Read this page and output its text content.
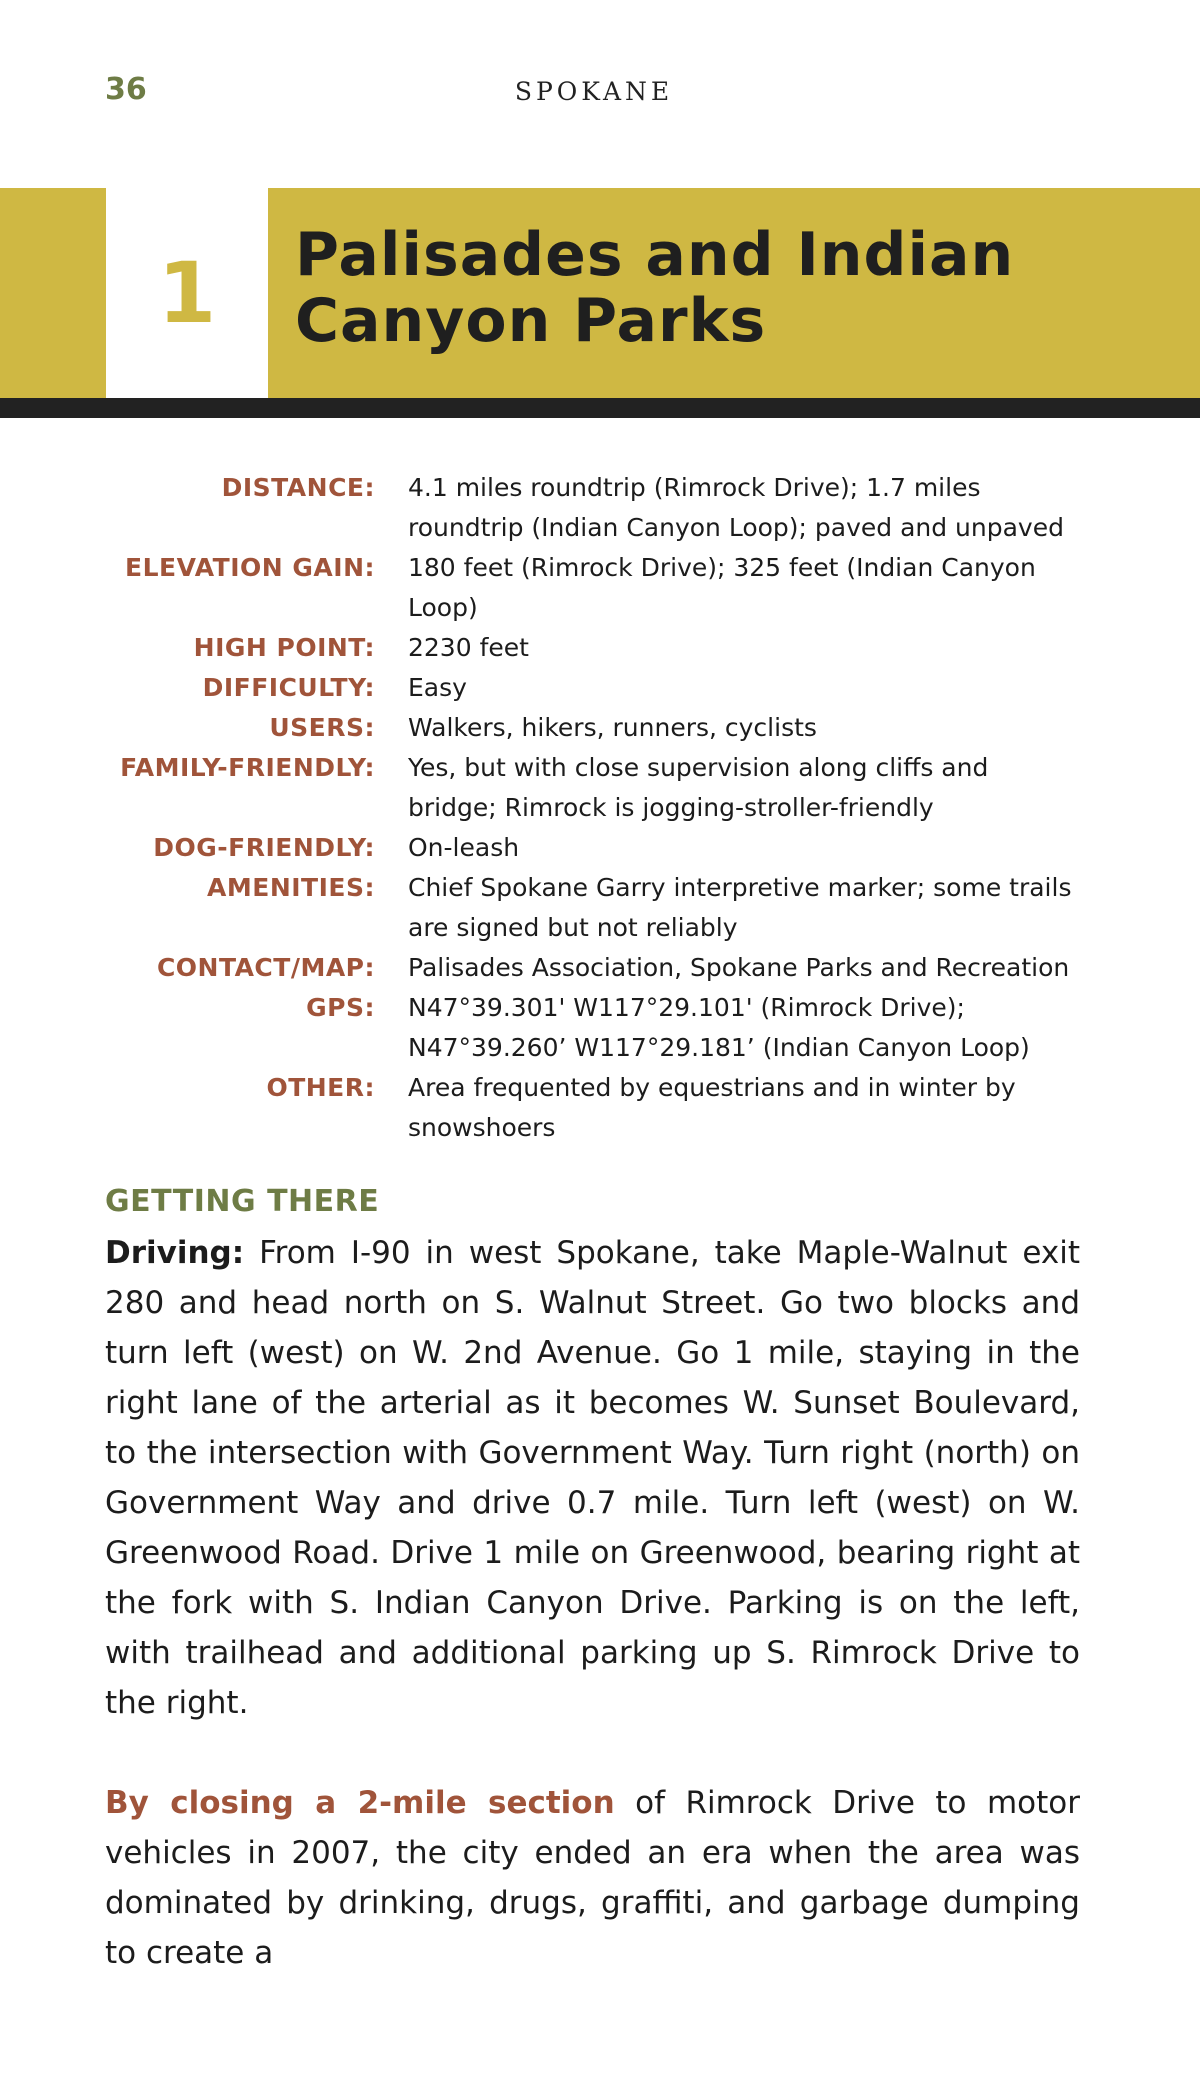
36	SPOKANE
1 Palisades and Indian Canyon Parks
DISTANCE: 4.1 miles roundtrip (Rimrock Drive); 1.7 miles roundtrip (Indian Canyon Loop); paved and unpaved
ELEVATION GAIN: 180 feet (Rimrock Drive); 325 feet (Indian Canyon Loop)
HIGH POINT: 2230 feet
DIFFICULTY: Easy
USERS: Walkers, hikers, runners, cyclists
FAMILY-FRIENDLY: Yes, but with close supervision along cliffs and bridge; Rimrock is jogging-stroller-friendly
DOG-FRIENDLY: On-leash
AMENITIES: Chief Spokane Garry interpretive marker; some trails are signed but not reliably
CONTACT/MAP: Palisades Association, Spokane Parks and Recreation
GPS: N47°39.301' W117°29.101' (Rimrock Drive); N47°39.260’ W117°29.181’ (Indian Canyon Loop)
OTHER: Area frequented by equestrians and in winter by snowshoers
GETTING THERE

Driving: From I-90 in west Spokane, take Maple-Walnut exit 280 and head north on S. Walnut Street. Go two blocks and turn left (west) on W. 2nd Avenue. Go 1 mile, staying in the right lane of the arterial as it becomes W. Sunset Boulevard, to the intersection with Government Way. Turn right (north) on Government Way and drive 0.7 mile. Turn left (west) on W. Greenwood Road. Drive 1 mile on Greenwood, bearing right at the fork with S. Indian Canyon Drive. Parking is on the left, with trailhead and additional parking up S. Rimrock Drive to the right.

By closing a 2-mile section of Rimrock Drive to motor vehicles in 2007, the city ended an era when the area was dominated by drinking, drugs, graffiti, and garbage dumping to create a
